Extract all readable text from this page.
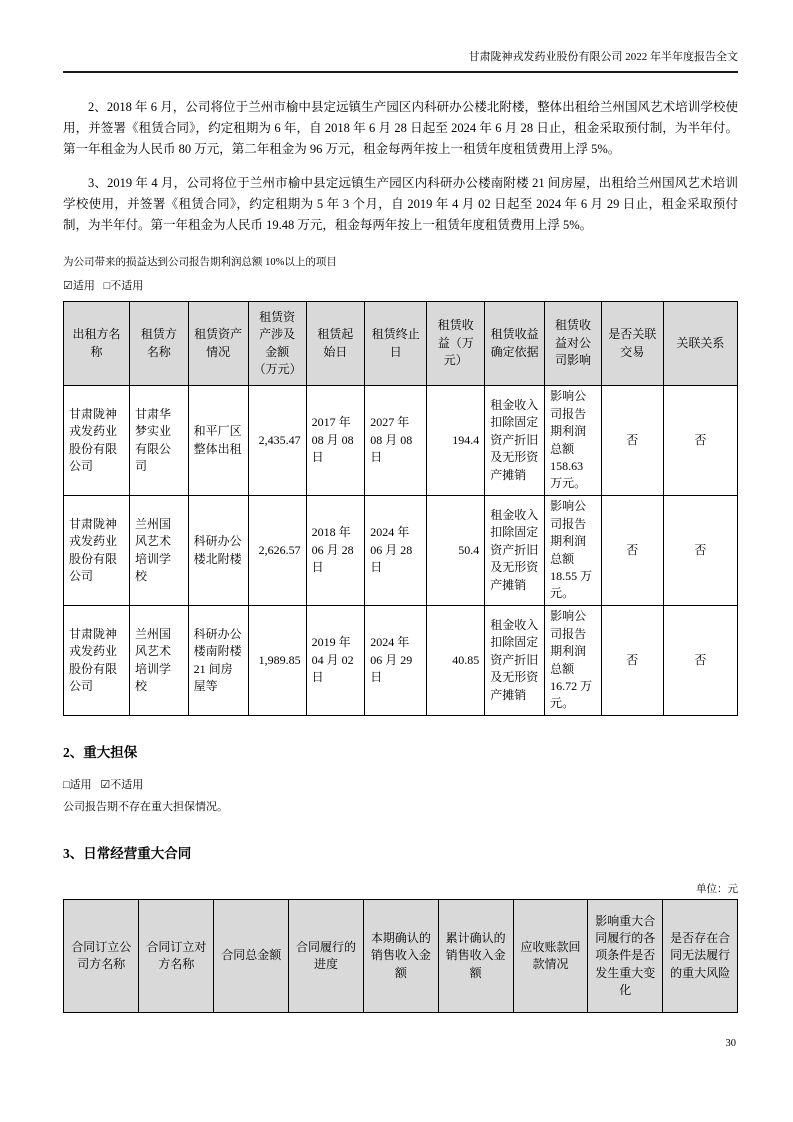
甘肃陇神戎发药业股份有限公司 2022 年半年度报告全文

2、2018 年 6 月，公司将位于兰州市榆中县定远镇生产园区内科研办公楼北附楼，整体出租给兰州国风艺术培训学校使用，并签署《租赁合同》，约定租期为 6 年，自 2018 年 6 月 28 日起至 2024 年 6 月 28 日止，租金采取预付制，为半年付。第一年租金为人民币 80 万元，第二年租金为 96 万元，租金每两年按上一租赁年度租赁费用上浮 5%。

3、2019 年 4 月，公司将位于兰州市榆中县定远镇生产园区内科研办公楼南附楼 21 间房屋，出租给兰州国风艺术培训学校使用，并签署《租赁合同》，约定租期为 5 年 3 个月，自 2019 年 4 月 02 日起至 2024 年 6 月 29 日止，租金采取预付制，为半年付。第一年租金为人民币 19.48 万元，租金每两年按上一租赁年度租赁费用上浮 5%。

为公司带来的损益达到公司报告期利润总额 10%以上的项目
☑适用 □不适用
出租方名称	租赁方名称	租赁资产情况	租赁资产涉及金额（万元）	租赁起始日	租赁终止日	租赁收益（万元）	租赁收益确定依据	租赁收益对公司影响	是否关联交易	关联关系
甘肃陇神戎发药业股份有限公司	甘肃华梦实业有限公司	和平厂区整体出租	2,435.47	2017 年 08 月 08 日	2027 年 08 月 08 日	194.4	租金收入扣除固定资产折旧及无形资产摊销	影响公司报告期利润总额 158.63 万元。	否	否
甘肃陇神戎发药业股份有限公司	兰州国风艺术培训学校	科研办公楼北附楼	2,626.57	2018 年 06 月 28 日	2024 年 06 月 28 日	50.4	租金收入扣除固定资产折旧及无形资产摊销	影响公司报告期利润总额 18.55 万元。	否	否
甘肃陇神戎发药业股份有限公司	兰州国风艺术培训学校	科研办公楼南附楼 21 间房屋等	1,989.85	2019 年 04 月 02 日	2024 年 06 月 29 日	40.85	租金收入扣除固定资产折旧及无形资产摊销	影响公司报告期利润总额 16.72 万元。	否	否
2、重大担保
□适用 ☑不适用
公司报告期不存在重大担保情况。
3、日常经营重大合同
单位：元
合同订立公司方名称	合同订立对方名称	合同总金额	合同履行的进度	本期确认的销售收入金额	累计确认的销售收入金额	应收账款回款情况	影响重大合同履行的各项条件是否发生重大变化	是否存在合同无法履行的重大风险
30
